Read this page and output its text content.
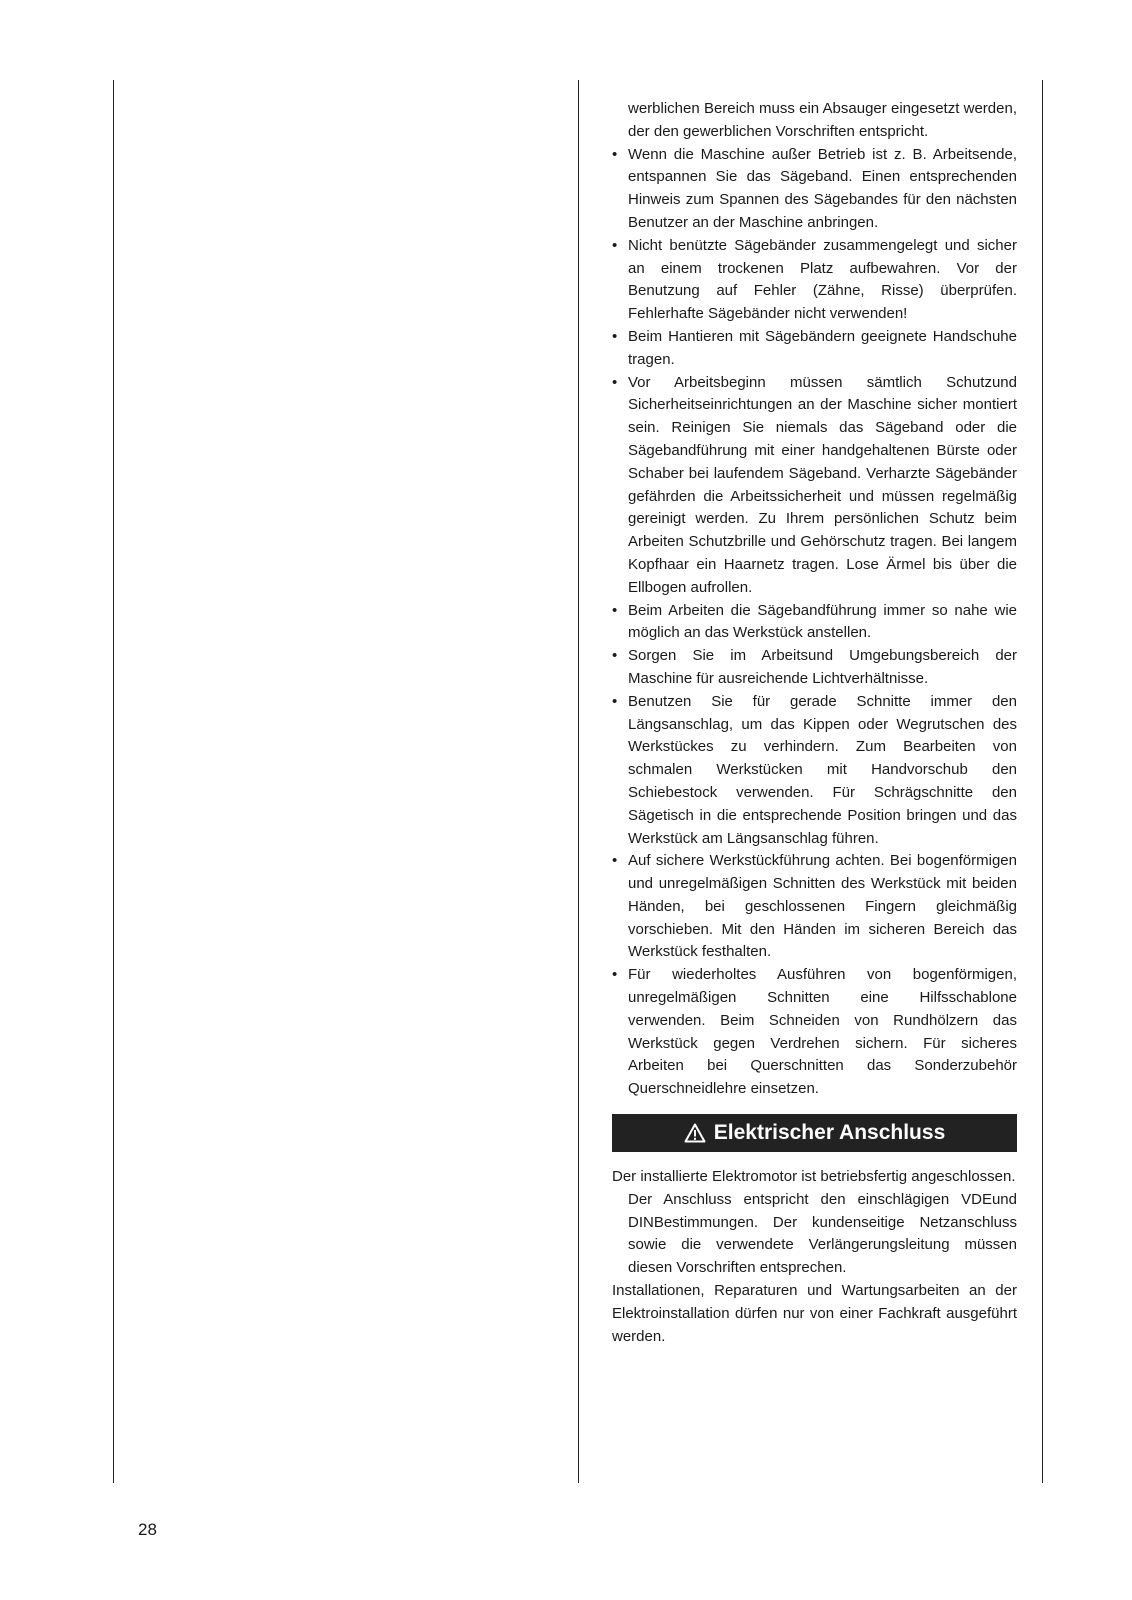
werblichen Bereich muss ein Absauger eingesetzt werden, der den gewerblichen Vorschriften entspricht.

• Wenn die Maschine außer Betrieb ist z. B. Arbeitsende, entspannen Sie das Sägeband. Einen entsprechenden Hinweis zum Spannen des Sägebandes für den nächsten Benutzer an der Maschine anbringen.

• Nicht benützte Sägebänder zusammengelegt und sicher an einem trockenen Platz aufbewahren. Vor der Benutzung auf Fehler (Zähne, Risse) überprüfen. Fehlerhafte Sägebänder nicht verwenden!

• Beim Hantieren mit Sägebändern geeignete Handschuhe tragen.

• Vor Arbeitsbeginn müssen sämtlich Schutzund Sicherheitseinrichtungen an der Maschine sicher montiert sein. Reinigen Sie niemals das Sägeband oder die Sägebandführung mit einer handgehaltenen Bürste oder Schaber bei laufendem Sägeband. Verharzte Sägebänder gefährden die Arbeitssicherheit und müssen regelmäßig gereinigt werden. Zu Ihrem persönlichen Schutz beim Arbeiten Schutzbrille und Gehörschutz tragen. Bei langem Kopfhaar ein Haarnetz tragen. Lose Ärmel bis über die Ellbogen aufrollen.

• Beim Arbeiten die Sägebandführung immer so nahe wie möglich an das Werkstück anstellen.

• Sorgen Sie im Arbeitsund Umgebungsbereich der Maschine für ausreichende Lichtverhältnisse.

• Benutzen Sie für gerade Schnitte immer den Längsanschlag, um das Kippen oder Wegrutschen des Werkstückes zu verhindern. Zum Bearbeiten von schmalen Werkstücken mit Handvorschub den Schiebestock verwenden. Für Schrägschnitte den Sägetisch in die entsprechende Position bringen und das Werkstück am Längsanschlag führen.

• Auf sichere Werkstückführung achten. Bei bogenförmigen und unregelmäßigen Schnitten des Werkstück mit beiden Händen, bei geschlossenen Fingern gleichmäßig vorschieben. Mit den Händen im sicheren Bereich das Werkstück festhalten.

• Für wiederholtes Ausführen von bogenförmigen, unregelmäßigen Schnitten eine Hilfsschablone verwenden. Beim Schneiden von Rundhölzern das Werkstück gegen Verdrehen sichern. Für sicheres Arbeiten bei Querschnitten das Sonderzubehör Querschneidlehre einsetzen.

Elektrischer Anschluss

Der installierte Elektromotor ist betriebsfertig angeschlossen.

Der Anschluss entspricht den einschlägigen VDEund DINBestimmungen. Der kundenseitige Netzanschluss sowie die verwendete Verlängerungsleitung müssen diesen Vorschriften entsprechen.

Installationen, Reparaturen und Wartungsarbeiten an der Elektroinstallation dürfen nur von einer Fachkraft ausgeführt werden.

28
